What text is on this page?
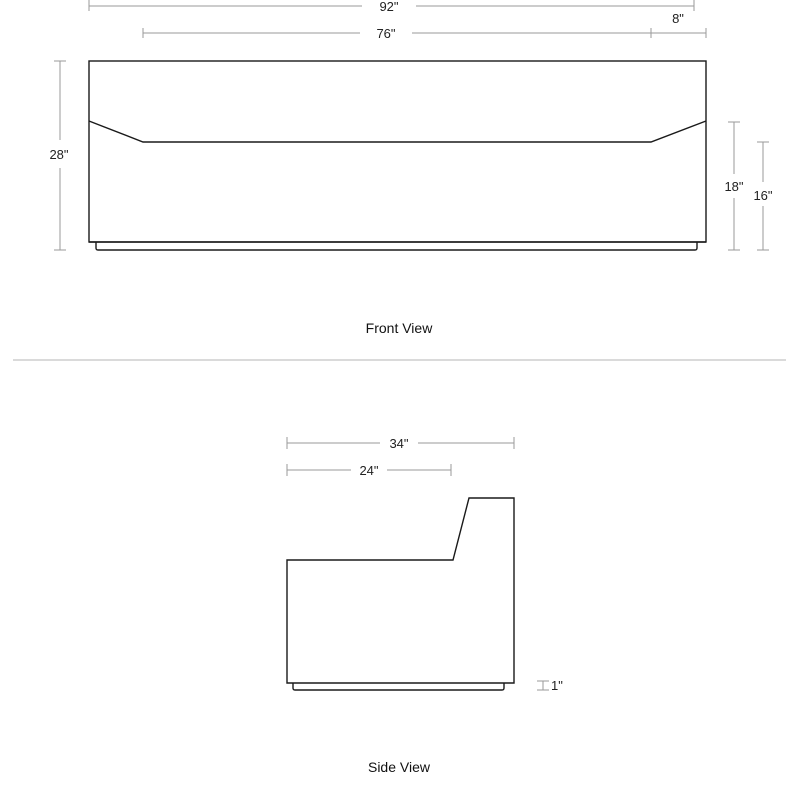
92"
76"
8"
28"
18"
16"
Front View
34"
24"
1"
Side View
